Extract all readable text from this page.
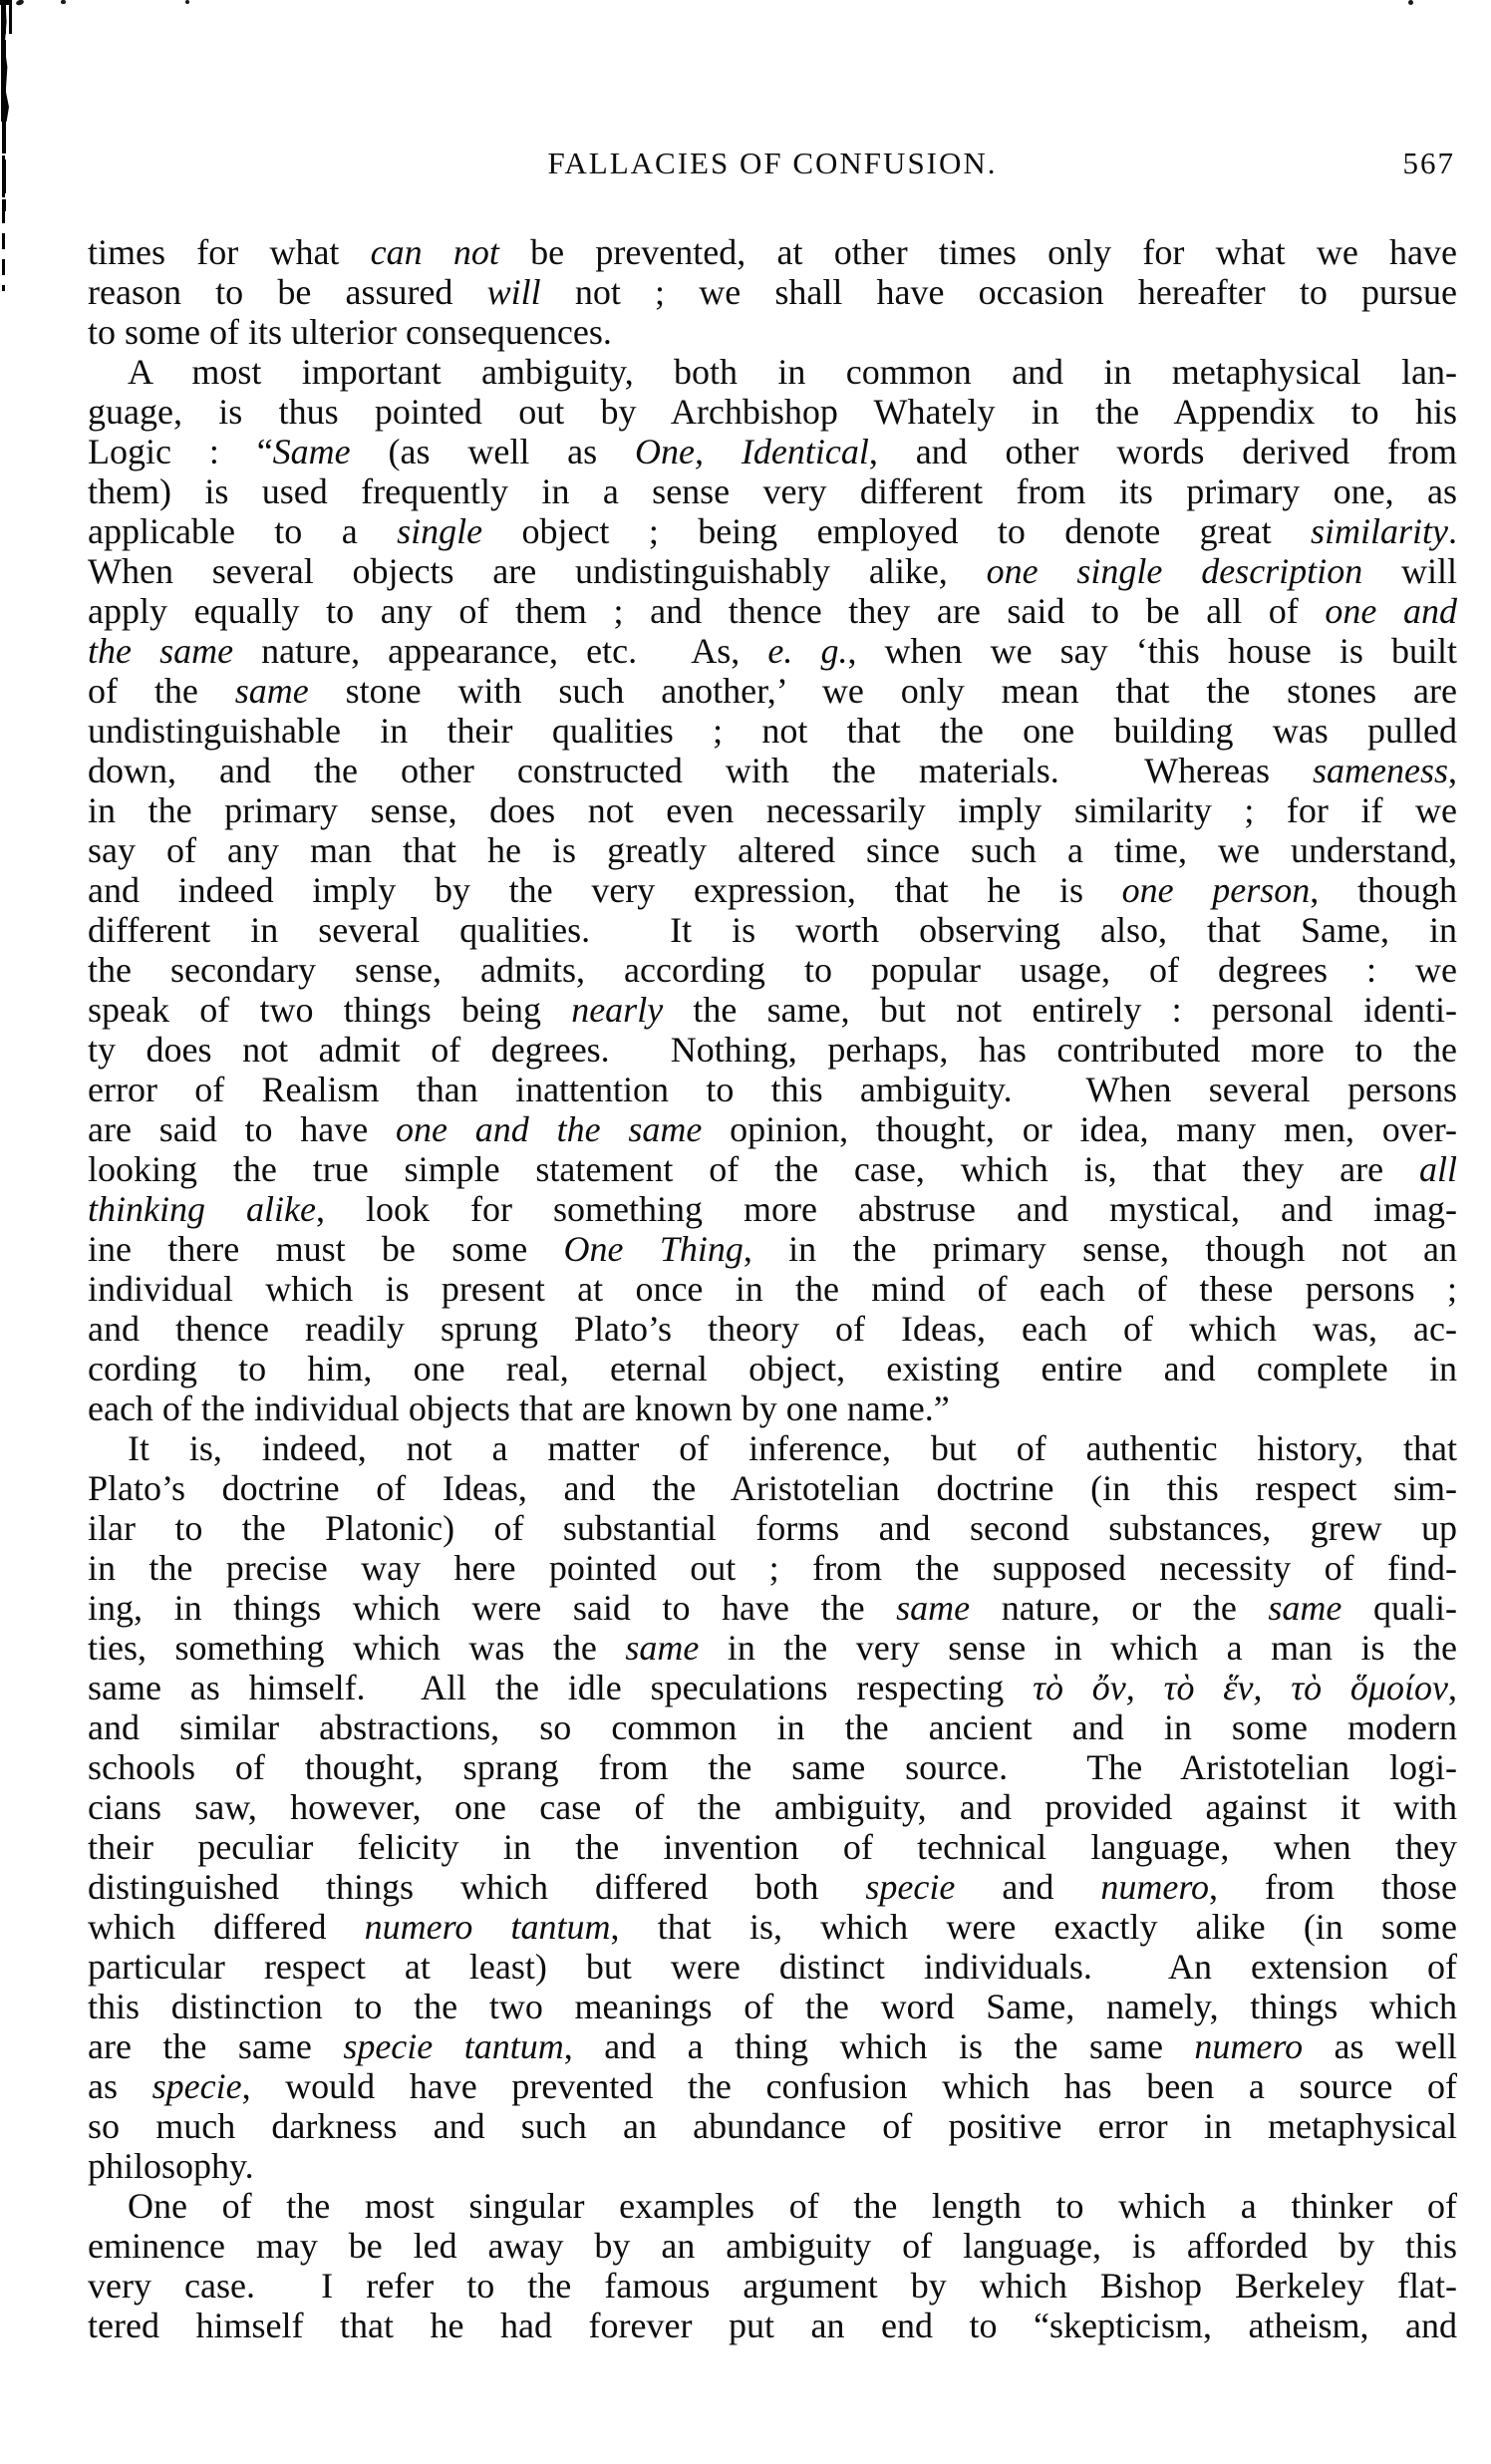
FALLACIES OF CONFUSION.	567
times for what can not be prevented, at other times only for what we have
reason to be assured will not ; we shall have occasion hereafter to pursue
to some of its ulterior consequences.
A most important ambiguity, both in common and in metaphysical lan-
guage, is thus pointed out by Archbishop Whately in the Appendix to his
Logic : “Same (as well as One, Identical, and other words derived from
them) is used frequently in a sense very different from its primary one, as
applicable to a single object ; being employed to denote great similarity.
When several objects are undistinguishably alike, one single description will
apply equally to any of them ; and thence they are said to be all of one and
the same nature, appearance, etc.  As, e. g., when we say ‘this house is built
of the same stone with such another,’ we only mean that the stones are
undistinguishable in their qualities ; not that the one building was pulled
down, and the other constructed with the materials.  Whereas sameness,
in the primary sense, does not even necessarily imply similarity ; for if we
say of any man that he is greatly altered since such a time, we understand,
and indeed imply by the very expression, that he is one person, though
different in several qualities.  It is worth observing also, that Same, in
the secondary sense, admits, according to popular usage, of degrees : we
speak of two things being nearly the same, but not entirely : personal identi-
ty does not admit of degrees.  Nothing, perhaps, has contributed more to the
error of Realism than inattention to this ambiguity.  When several persons
are said to have one and the same opinion, thought, or idea, many men, over-
looking the true simple statement of the case, which is, that they are all
thinking alike, look for something more abstruse and mystical, and imag-
ine there must be some One Thing, in the primary sense, though not an
individual which is present at once in the mind of each of these persons ;
and thence readily sprung Plato’s theory of Ideas, each of which was, ac-
cording to him, one real, eternal object, existing entire and complete in
each of the individual objects that are known by one name.”
It is, indeed, not a matter of inference, but of authentic history, that
Plato’s doctrine of Ideas, and the Aristotelian doctrine (in this respect sim-
ilar to the Platonic) of substantial forms and second substances, grew up
in the precise way here pointed out ; from the supposed necessity of find-
ing, in things which were said to have the same nature, or the same quali-
ties, something which was the same in the very sense in which a man is the
same as himself.  All the idle speculations respecting τὸ ὄν, τὸ ἕν, τὸ ὅμοίον,
and similar abstractions, so common in the ancient and in some modern
schools of thought, sprang from the same source.  The Aristotelian logi-
cians saw, however, one case of the ambiguity, and provided against it with
their peculiar felicity in the invention of technical language, when they
distinguished things which differed both specie and numero, from those
which differed numero tantum, that is, which were exactly alike (in some
particular respect at least) but were distinct individuals.  An extension of
this distinction to the two meanings of the word Same, namely, things which
are the same specie tantum, and a thing which is the same numero as well
as specie, would have prevented the confusion which has been a source of
so much darkness and such an abundance of positive error in metaphysical
philosophy.
One of the most singular examples of the length to which a thinker of
eminence may be led away by an ambiguity of language, is afforded by this
very case.  I refer to the famous argument by which Bishop Berkeley flat-
tered himself that he had forever put an end to “skepticism, atheism, and
